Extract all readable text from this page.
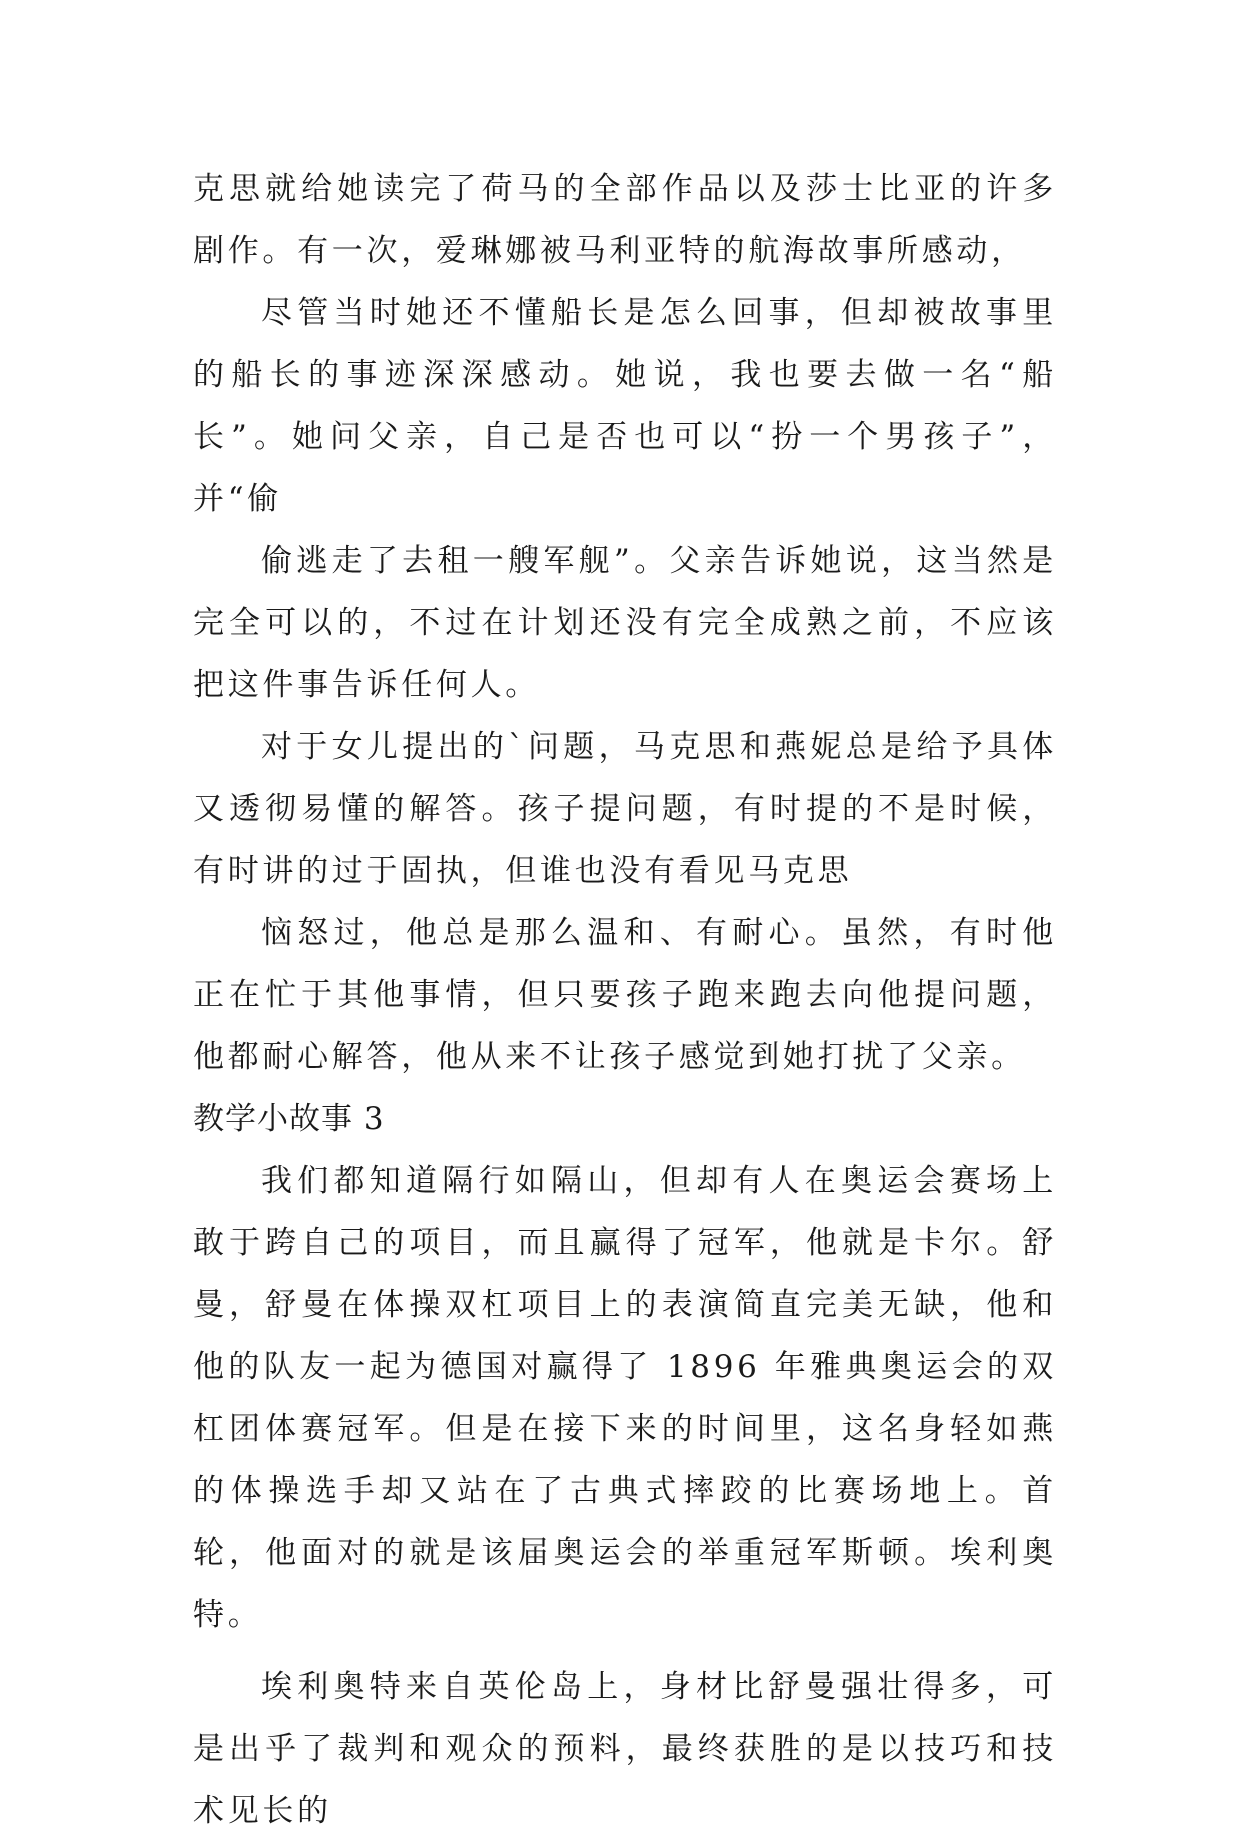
克思就给她读完了荷马的全部作品以及莎士比亚的许多剧作。有一次，爱琳娜被马利亚特的航海故事所感动，

尽管当时她还不懂船长是怎么回事，但却被故事里的船长的事迹深深感动。她说，我也要去做一名“船长”。她问父亲，自己是否也可以“扮一个男孩子”，并“偷

偷逃走了去租一艘军舰”。父亲告诉她说，这当然是完全可以的，不过在计划还没有完全成熟之前，不应该把这件事告诉任何人。

对于女儿提出的`问题，马克思和燕妮总是给予具体又透彻易懂的解答。孩子提问题，有时提的不是时候，有时讲的过于固执，但谁也没有看见马克思

恼怒过，他总是那么温和、有耐心。虽然，有时他正在忙于其他事情，但只要孩子跑来跑去向他提问题，他都耐心解答，他从来不让孩子感觉到她打扰了父亲。

教学小故事 3

我们都知道隔行如隔山，但却有人在奥运会赛场上敢于跨自己的项目，而且赢得了冠军，他就是卡尔。舒曼，舒曼在体操双杠项目上的表演简直完美无缺，他和他的队友一起为德国对赢得了 1896 年雅典奥运会的双杠团体赛冠军。但是在接下来的时间里，这名身轻如燕的体操选手却又站在了古典式摔跤的比赛场地上。首轮，他面对的就是该届奥运会的举重冠军斯顿。埃利奥特。

埃利奥特来自英伦岛上，身材比舒曼强壮得多，可是出乎了裁判和观众的预料，最终获胜的是以技巧和技术见长的
